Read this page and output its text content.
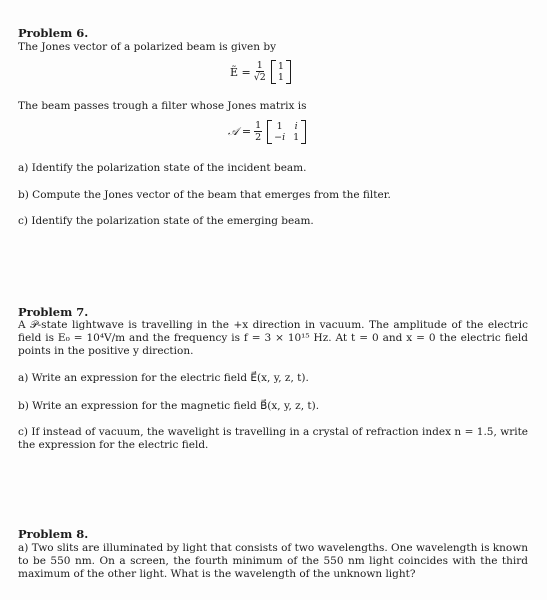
Problem 6.
The Jones vector of a polarized beam is given by
Ẽ = $\frac{1}{√2} 1$
1
The beam passes trough a filter whose Jones matrix is
𝒜 = $\frac{1}{2} 1$ i
−i 1
a) Identify the polarization state of the incident beam.
b) Compute the Jones vector of the beam that emerges from the filter.
c) Identify the polarization state of the emerging beam.
Problem 7.
A 𝒫-state lightwave is travelling in the +x direction in vacuum. The amplitude of the electric field is E₀ = 10⁴V/m and the frequency is f = 3 × 10¹⁵ Hz. At t = 0 and x = 0 the electric field points in the positive y direction.
a) Write an expression for the electric field E⃗(x, y, z, t).
b) Write an expression for the magnetic field B⃗(x, y, z, t).
c) If instead of vacuum, the wavelight is travelling in a crystal of refraction index n = 1.5, write the expression for the electric field.
Problem 8.
a) Two slits are illuminated by light that consists of two wavelengths. One wavelength is known to be 550 nm. On a screen, the fourth minimum of the 550 nm light coincides with the third maximum of the other light. What is the wavelength of the unknown light?
